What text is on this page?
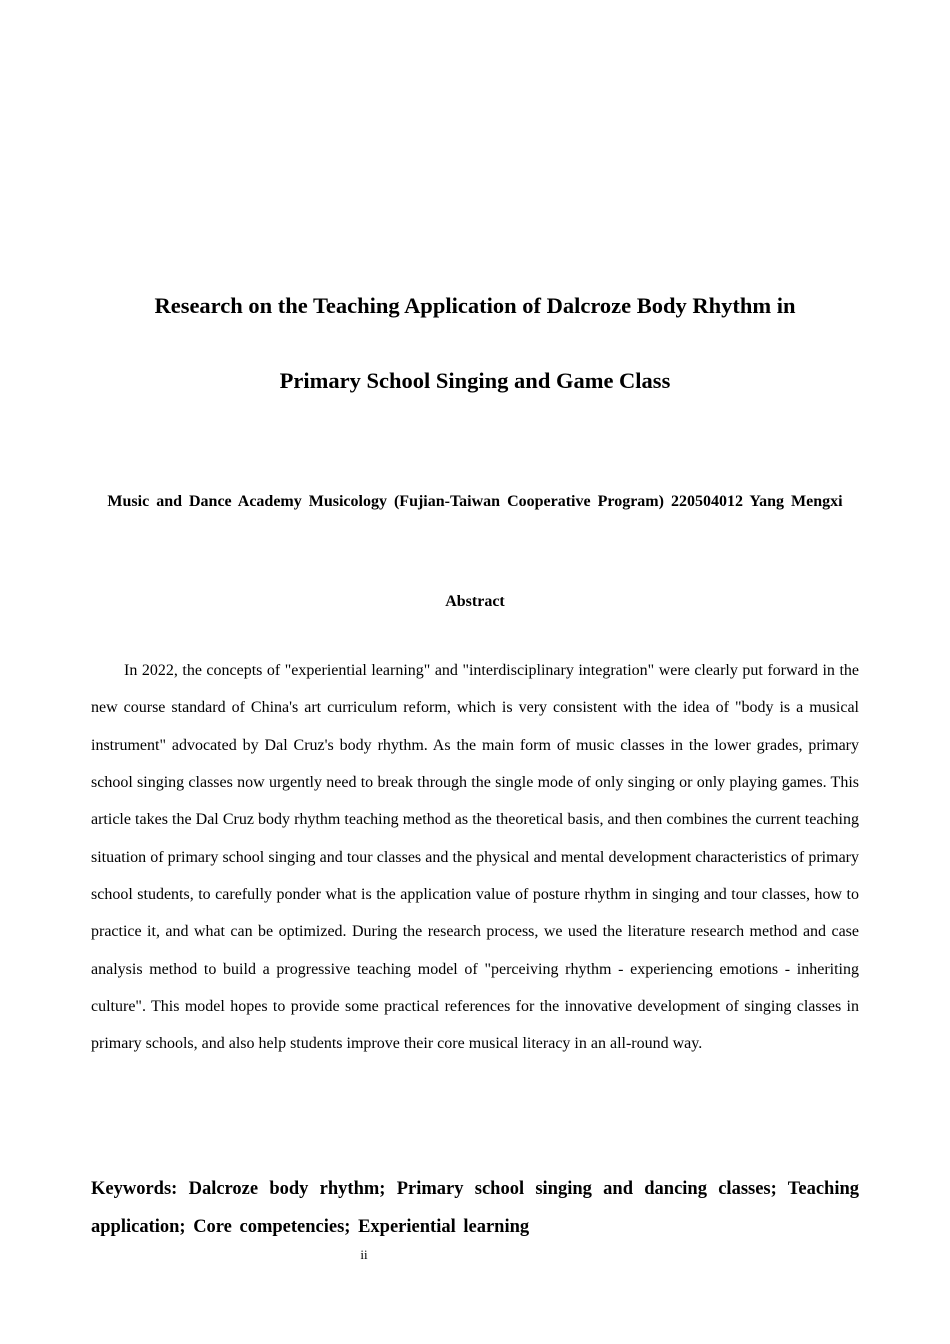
Research on the Teaching Application of Dalcroze Body Rhythm in
Primary School Singing and Game Class
Music and Dance Academy Musicology (Fujian-Taiwan Cooperative Program) 220504012 Yang Mengxi
Abstract

In 2022, the concepts of "experiential learning" and "interdisciplinary integration" were clearly put forward in the new course standard of China's art curriculum reform, which is very consistent with the idea of "body is a musical instrument" advocated by Dal Cruz's body rhythm. As the main form of music classes in the lower grades, primary school singing classes now urgently need to break through the single mode of only singing or only playing games. This article takes the Dal Cruz body rhythm teaching method as the theoretical basis, and then combines the current teaching situation of primary school singing and tour classes and the physical and mental development characteristics of primary school students, to carefully ponder what is the application value of posture rhythm in singing and tour classes, how to practice it, and what can be optimized. During the research process, we used the literature research method and case analysis method to build a progressive teaching model of "perceiving rhythm - experiencing emotions - inheriting culture". This model hopes to provide some practical references for the innovative development of singing classes in primary schools, and also help students improve their core musical literacy in an all-round way.

Keywords: Dalcroze body rhythm; Primary school singing and dancing classes; Teaching application; Core competencies; Experiential learning

ii
